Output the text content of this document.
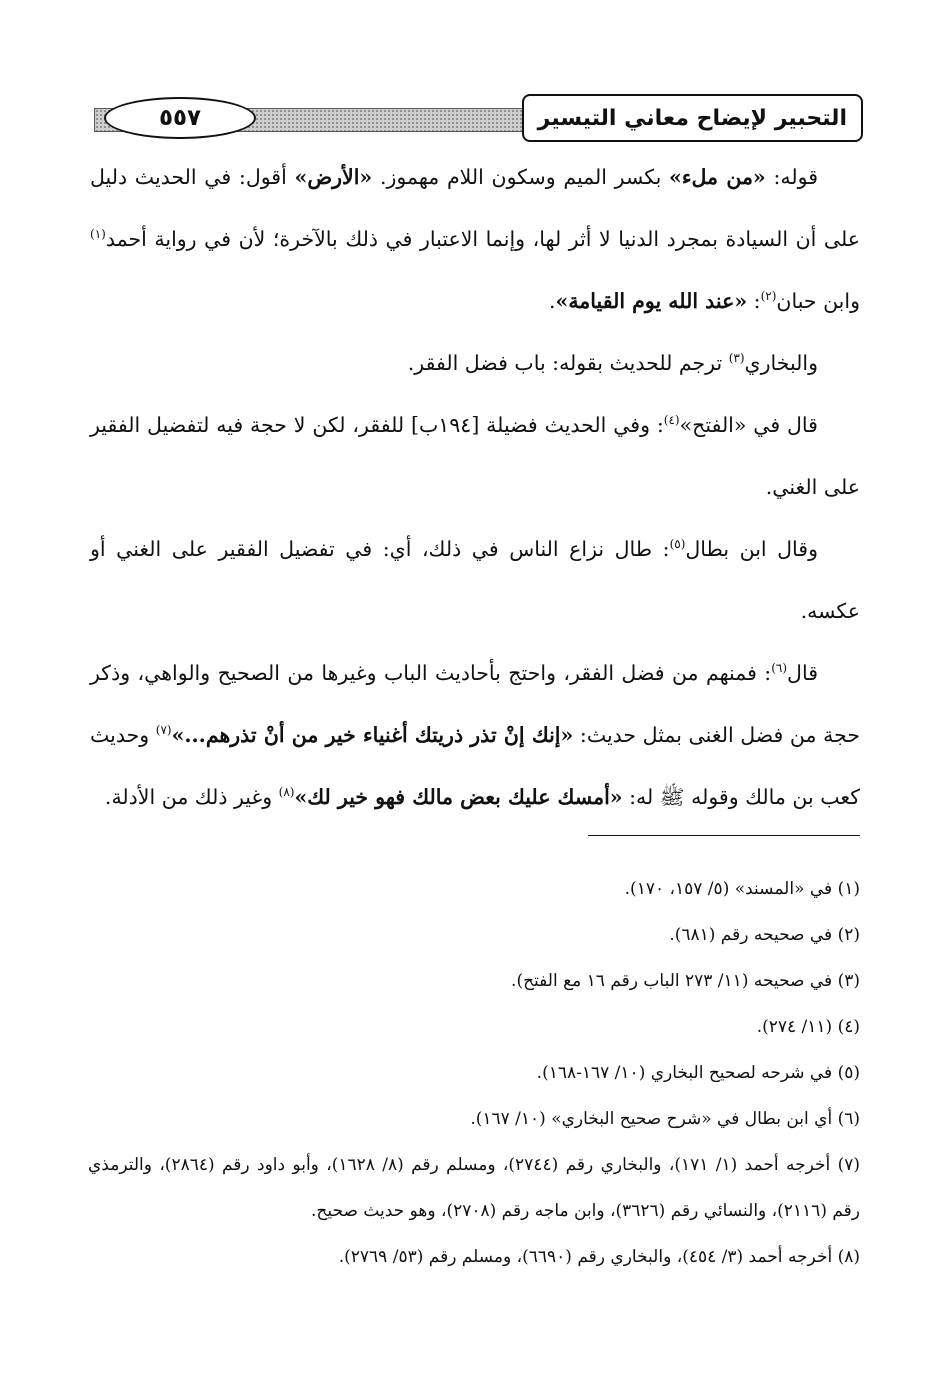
٥٥٧	التحبير لإيضاح معاني التيسير

قوله: «من ملء» بكسر الميم وسكون اللام مهموز. «الأرض» أقول: في الحديث دليل على أن السيادة بمجرد الدنيا لا أثر لها، وإنما الاعتبار في ذلك بالآخرة؛ لأن في رواية أحمد$^{(١)}$ وابن حبان$^{(٢)}$: «عند الله يوم القيامة».

والبخاري$^{(٣)}$ ترجم للحديث بقوله: باب فضل الفقر.

قال في «الفتح»$^{(٤)}$: وفي الحديث فضيلة [١٩٤ب] للفقر، لكن لا حجة فيه لتفضيل الفقير على الغني.

وقال ابن بطال$^{(٥)}$: طال نزاع الناس في ذلك، أي: في تفضيل الفقير على الغني أو عكسه.

قال$^{(٦)}$: فمنهم من فضل الفقر، واحتج بأحاديث الباب وغيرها من الصحيح والواهي، وذكر حجة من فضل الغنى بمثل حديث: «إنك إنْ تذر ذريتك أغنياء خير من أنْ تذرهم...»$^{(٧)}$ وحديث كعب بن مالك وقوله ﷺ له: «أمسك عليك بعض مالك فهو خير لك»$^{(٨)}$ وغير ذلك من الأدلة.

(١) في «المسند» (٥/ ١٥٧، ١٧٠).

(٢) في صحيحه رقم (٦٨١).

(٣) في صحيحه (١١/ ٢٧٣ الباب رقم ١٦ مع الفتح).

(٤) (١١/ ٢٧٤).

(٥) في شرحه لصحيح البخاري (١٠/ ١٦٧-١٦٨).

(٦) أي ابن بطال في «شرح صحيح البخاري» (١٠/ ١٦٧).

(٧) أخرجه أحمد (١/ ١٧١)، والبخاري رقم (٢٧٤٤)، ومسلم رقم (٨/ ١٦٢٨)، وأبو داود رقم (٢٨٦٤)، والترمذي رقم (٢١١٦)، والنسائي رقم (٣٦٢٦)، وابن ماجه رقم (٢٧٠٨)، وهو حديث صحيح.

(٨) أخرجه أحمد (٣/ ٤٥٤)، والبخاري رقم (٦٦٩٠)، ومسلم رقم (٥٣/ ٢٧٦٩).
